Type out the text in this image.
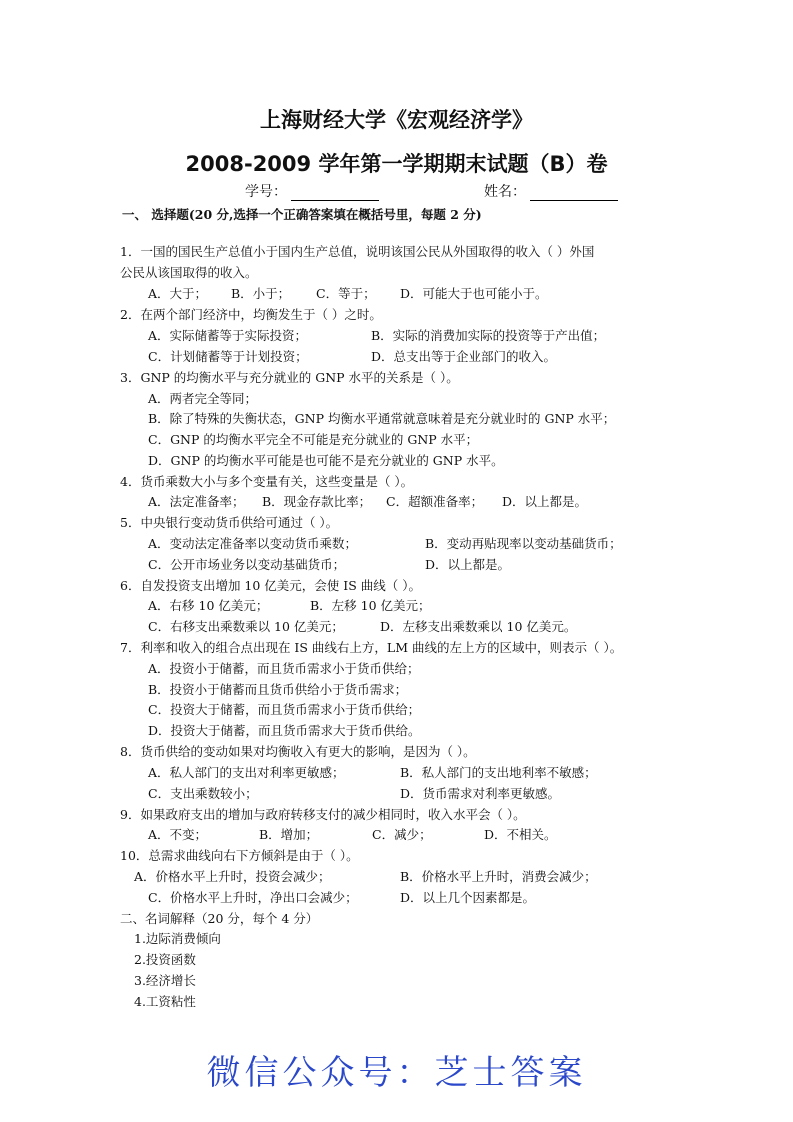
上海财经大学《宏观经济学》
2008-2009 学年第一学期期末试题（B）卷
学号：	姓名：
一、 选择题(20 分,选择一个正确答案填在概括号里，每题 2 分)
1．一国的国民生产总值小于国内生产总值，说明该国公民从外国取得的收入（ ）外国
公民从该国取得的收入。
A．大于； B．小于； C．等于； D．可能大于也可能小于。
2．在两个部门经济中，均衡发生于（ ）之时。
A．实际储蓄等于实际投资；	B．实际的消费加实际的投资等于产出值；
C．计划储蓄等于计划投资；	D．总支出等于企业部门的收入。
3．GNP 的均衡水平与充分就业的 GNP 水平的关系是（ ）。
A．两者完全等同；
B．除了特殊的失衡状态，GNP 均衡水平通常就意味着是充分就业时的 GNP 水平；
C．GNP 的均衡水平完全不可能是充分就业的 GNP 水平；
D．GNP 的均衡水平可能是也可能不是充分就业的 GNP 水平。
4．货币乘数大小与多个变量有关，这些变量是（ ）。
A．法定准备率； B．现金存款比率； C．超额准备率； D．以上都是。
5．中央银行变动货币供给可通过（ ）。
A．变动法定准备率以变动货币乘数；	B．变动再贴现率以变动基础货币；
C．公开市场业务以变动基础货币；	D．以上都是。
6．自发投资支出增加 10 亿美元，会使 IS 曲线（ ）。
A．右移 10 亿美元；	B．左移 10 亿美元；
C．右移支出乘数乘以 10 亿美元；	D．左移支出乘数乘以 10 亿美元。
7．利率和收入的组合点出现在 IS 曲线右上方，LM 曲线的左上方的区域中，则表示（ ）。
A．投资小于储蓄，而且货币需求小于货币供给；
B．投资小于储蓄而且货币供给小于货币需求；
C．投资大于储蓄，而且货币需求小于货币供给；
D．投资大于储蓄，而且货币需求大于货币供给。
8．货币供给的变动如果对均衡收入有更大的影响，是因为（ ）。
A．私人部门的支出对利率更敏感；	B．私人部门的支出地利率不敏感；
C．支出乘数较小；	D．货币需求对利率更敏感。
9．如果政府支出的增加与政府转移支付的减少相同时，收入水平会（ ）。
A．不变；	B．增加；	C．减少；	D．不相关。
10．总需求曲线向右下方倾斜是由于（ ）。
A．价格水平上升时，投资会减少；	B．价格水平上升时，消费会减少；
C．价格水平上升时，净出口会减少；	D．以上几个因素都是。
二、名词解释（20 分，每个 4 分）
1.边际消费倾向
2.投资函数
3.经济增长
4.工资粘性
微信公众号：芝士答案
